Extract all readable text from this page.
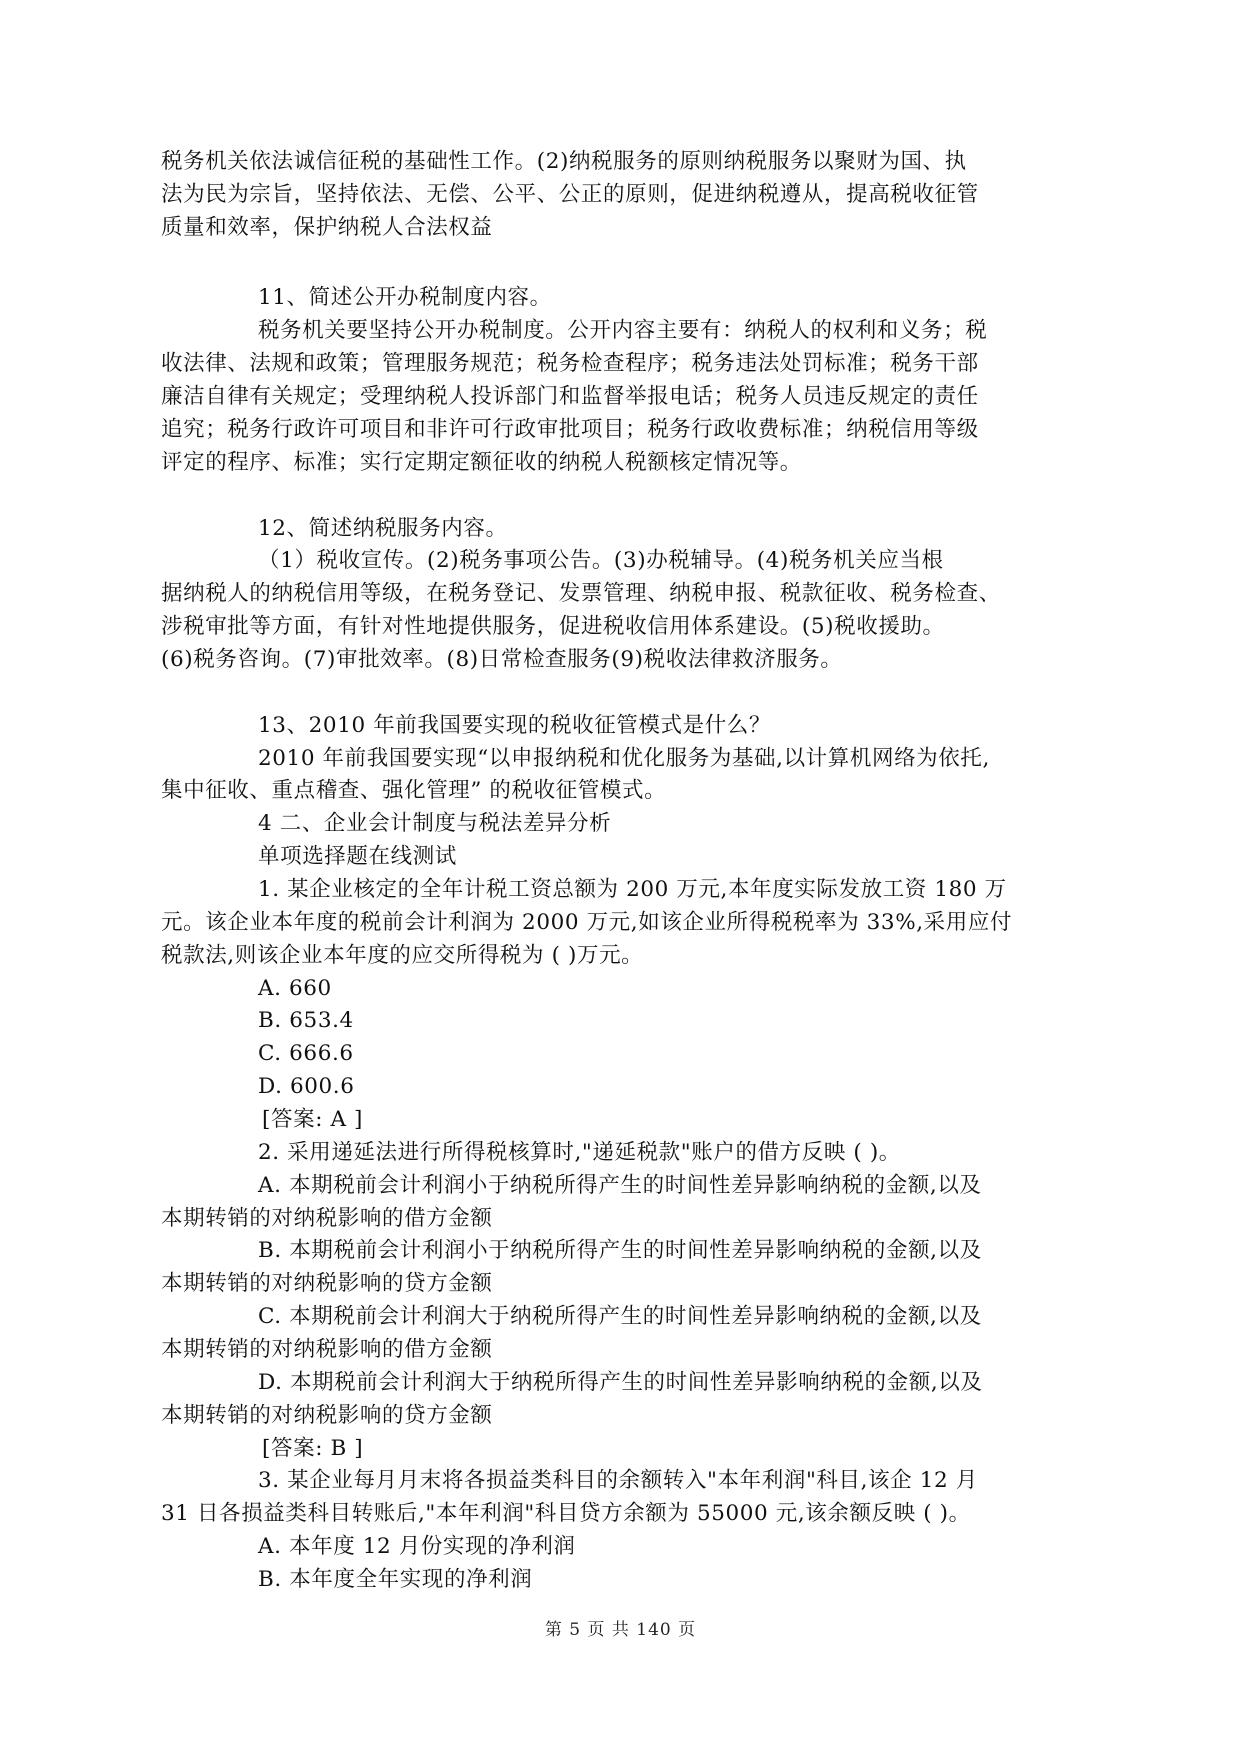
税务机关依法诚信征税的基础性工作。(2)纳税服务的原则纳税服务以聚财为国、执
法为民为宗旨，坚持依法、无偿、公平、公正的原则，促进纳税遵从，提高税收征管
质量和效率，保护纳税人合法权益
11、简述公开办税制度内容。
税务机关要坚持公开办税制度。公开内容主要有：纳税人的权利和义务；税
收法律、法规和政策；管理服务规范；税务检查程序；税务违法处罚标准；税务干部
廉洁自律有关规定；受理纳税人投诉部门和监督举报电话；税务人员违反规定的责任
追究；税务行政许可项目和非许可行政审批项目；税务行政收费标准；纳税信用等级
评定的程序、标准；实行定期定额征收的纳税人税额核定情况等。
12、简述纳税服务内容。
（1）税收宣传。(2)税务事项公告。(3)办税辅导。(4)税务机关应当根
据纳税人的纳税信用等级，在税务登记、发票管理、纳税申报、税款征收、税务检查、
涉税审批等方面，有针对性地提供服务，促进税收信用体系建设。(5)税收援助。
(6)税务咨询。(7)审批效率。(8)日常检查服务(9)税收法律救济服务。
13、2010 年前我国要实现的税收征管模式是什么？
2010 年前我国要实现“以申报纳税和优化服务为基础,以计算机网络为依托,
集中征收、重点稽查、强化管理” 的税收征管模式。
4 二、企业会计制度与税法差异分析
单项选择题在线测试
1. 某企业核定的全年计税工资总额为 200 万元,本年度实际发放工资 180 万
元。该企业本年度的税前会计利润为 2000 万元,如该企业所得税税率为 33%,采用应付
税款法,则该企业本年度的应交所得税为 ( )万元。
A. 660
B. 653.4
C. 666.6
D. 600.6
[答案: A ]
2. 采用递延法进行所得税核算时,"递延税款"账户的借方反映 ( )。
A. 本期税前会计利润小于纳税所得产生的时间性差异影响纳税的金额,以及
本期转销的对纳税影响的借方金额
B. 本期税前会计利润小于纳税所得产生的时间性差异影响纳税的金额,以及
本期转销的对纳税影响的贷方金额
C. 本期税前会计利润大于纳税所得产生的时间性差异影响纳税的金额,以及
本期转销的对纳税影响的借方金额
D. 本期税前会计利润大于纳税所得产生的时间性差异影响纳税的金额,以及
本期转销的对纳税影响的贷方金额
[答案: B ]
3. 某企业每月月末将各损益类科目的余额转入"本年利润"科目,该企 12 月
31 日各损益类科目转账后,"本年利润"科目贷方余额为 55000 元,该余额反映 ( )。
A. 本年度 12 月份实现的净利润
B. 本年度全年实现的净利润
第 5 页 共 140 页
